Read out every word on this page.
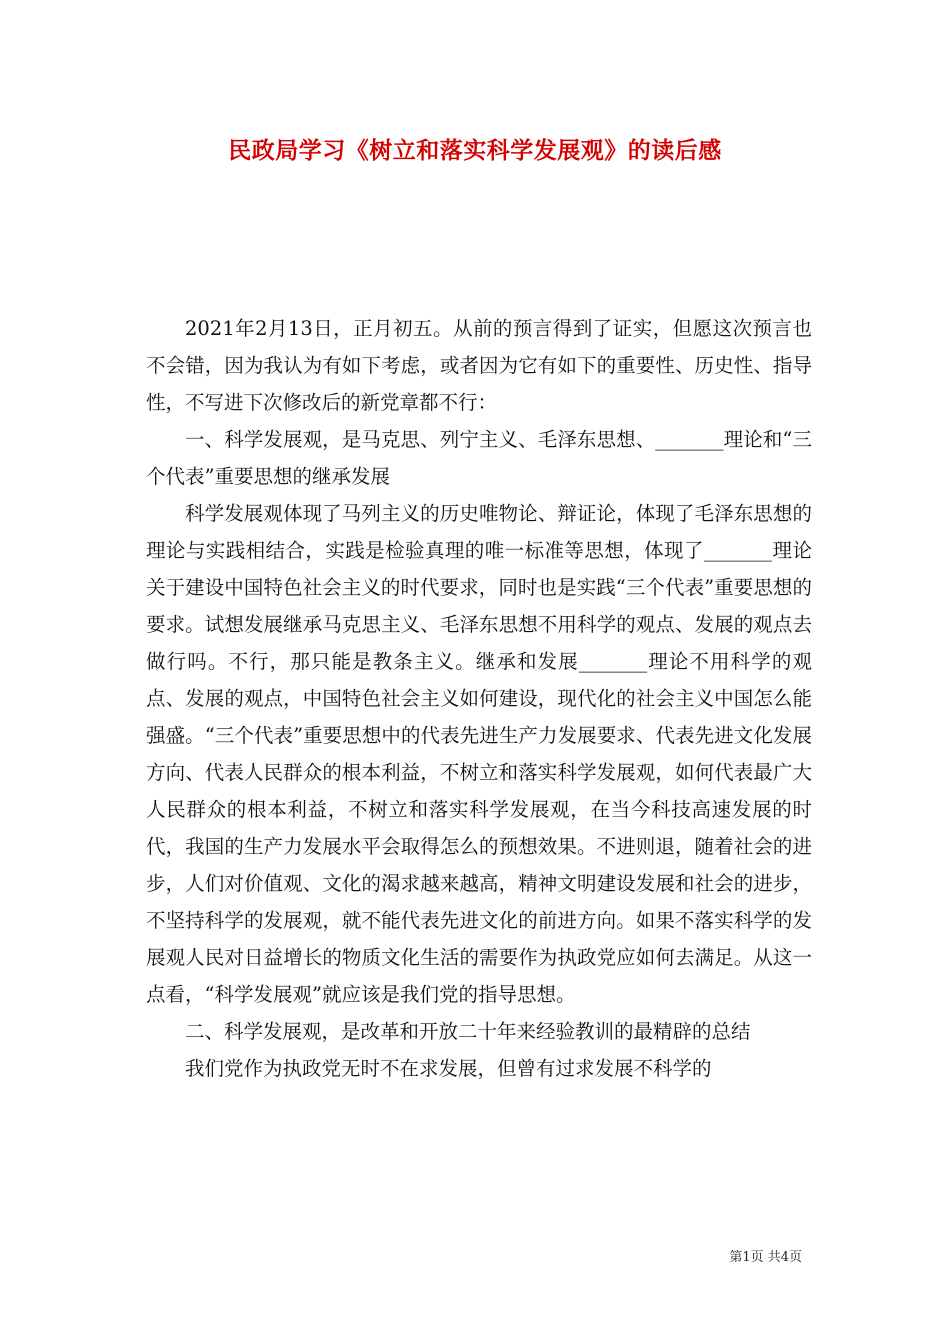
民政局学习《树立和落实科学发展观》的读后感

2021年2月13日，正月初五。从前的预言得到了证实，但愿这次预言也不会错，因为我认为有如下考虑，或者因为它有如下的重要性、历史性、指导性，不写进下次修改后的新党章都不行：

一、科学发展观，是马克思、列宁主义、毛泽东思想、_______理论和“三个代表”重要思想的继承发展

科学发展观体现了马列主义的历史唯物论、辩证论，体现了毛泽东思想的理论与实践相结合，实践是检验真理的唯一标准等思想，体现了_______理论关于建设中国特色社会主义的时代要求，同时也是实践“三个代表”重要思想的要求。试想发展继承马克思主义、毛泽东思想不用科学的观点、发展的观点去做行吗。不行，那只能是教条主义。继承和发展_______理论不用科学的观点、发展的观点，中国特色社会主义如何建设，现代化的社会主义中国怎么能强盛。“三个代表”重要思想中的代表先进生产力发展要求、代表先进文化发展方向、代表人民群众的根本利益，不树立和落实科学发展观，如何代表最广大人民群众的根本利益，不树立和落实科学发展观，在当今科技高速发展的时代，我国的生产力发展水平会取得怎么的预想效果。不进则退，随着社会的进步，人们对价值观、文化的渴求越来越高，精神文明建设发展和社会的进步，不坚持科学的发展观，就不能代表先进文化的前进方向。如果不落实科学的发展观人民对日益增长的物质文化生活的需要作为执政党应如何去满足。从这一点看，“科学发展观”就应该是我们党的指导思想。

二、科学发展观，是改革和开放二十年来经验教训的最精辟的总结

我们党作为执政党无时不在求发展，但曾有过求发展不科学的

第1页 共4页
